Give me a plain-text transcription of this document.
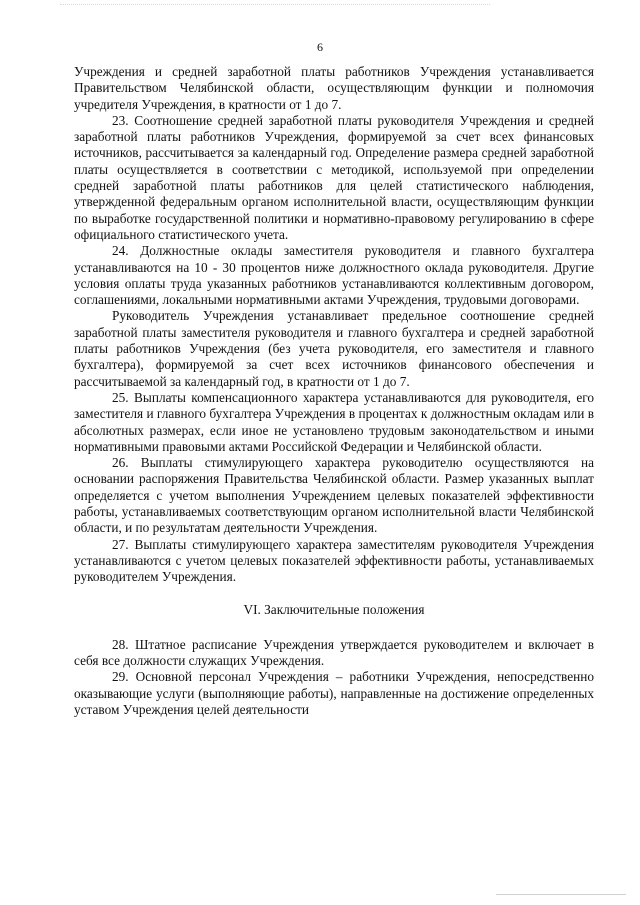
6

Учреждения и средней заработной платы работников Учреждения устанавливается Правительством Челябинской области, осуществляющим функции и полномочия учредителя Учреждения, в кратности от 1 до 7.

23. Соотношение средней заработной платы руководителя Учреждения и средней заработной платы работников Учреждения, формируемой за счет всех финансовых источников, рассчитывается за календарный год. Определение размера средней заработной платы осуществляется в соответствии с методикой, используемой при определении средней заработной платы работников для целей статистического наблюдения, утвержденной федеральным органом исполнительной власти, осуществляющим функции по выработке государственной политики и нормативно-правовому регулированию в сфере официального статистического учета.

24. Должностные оклады заместителя руководителя и главного бухгалтера устанавливаются на 10 - 30 процентов ниже должностного оклада руководителя. Другие условия оплаты труда указанных работников устанавливаются коллективным договором, соглашениями, локальными нормативными актами Учреждения, трудовыми договорами.

Руководитель Учреждения устанавливает предельное соотношение средней заработной платы заместителя руководителя и главного бухгалтера и средней заработной платы работников Учреждения (без учета руководителя, его заместителя и главного бухгалтера), формируемой за счет всех источников финансового обеспечения и рассчитываемой за календарный год, в кратности от 1 до 7.

25. Выплаты компенсационного характера устанавливаются для руководителя, его заместителя и главного бухгалтера Учреждения в процентах к должностным окладам или в абсолютных размерах, если иное не установлено трудовым законодательством и иными нормативными правовыми актами Российской Федерации и Челябинской области.

26. Выплаты стимулирующего характера руководителю осуществляются на основании распоряжения Правительства Челябинской области. Размер указанных выплат определяется с учетом выполнения Учреждением целевых показателей эффективности работы, устанавливаемых соответствующим органом исполнительной власти Челябинской области, и по результатам деятельности Учреждения.

27. Выплаты стимулирующего характера заместителям руководителя Учреждения устанавливаются с учетом целевых показателей эффективности работы, устанавливаемых руководителем Учреждения.

VI. Заключительные положения

28. Штатное расписание Учреждения утверждается руководителем и включает в себя все должности служащих Учреждения.

29. Основной персонал Учреждения – работники Учреждения, непосредственно оказывающие услуги (выполняющие работы), направленные на достижение определенных уставом Учреждения целей деятельности
